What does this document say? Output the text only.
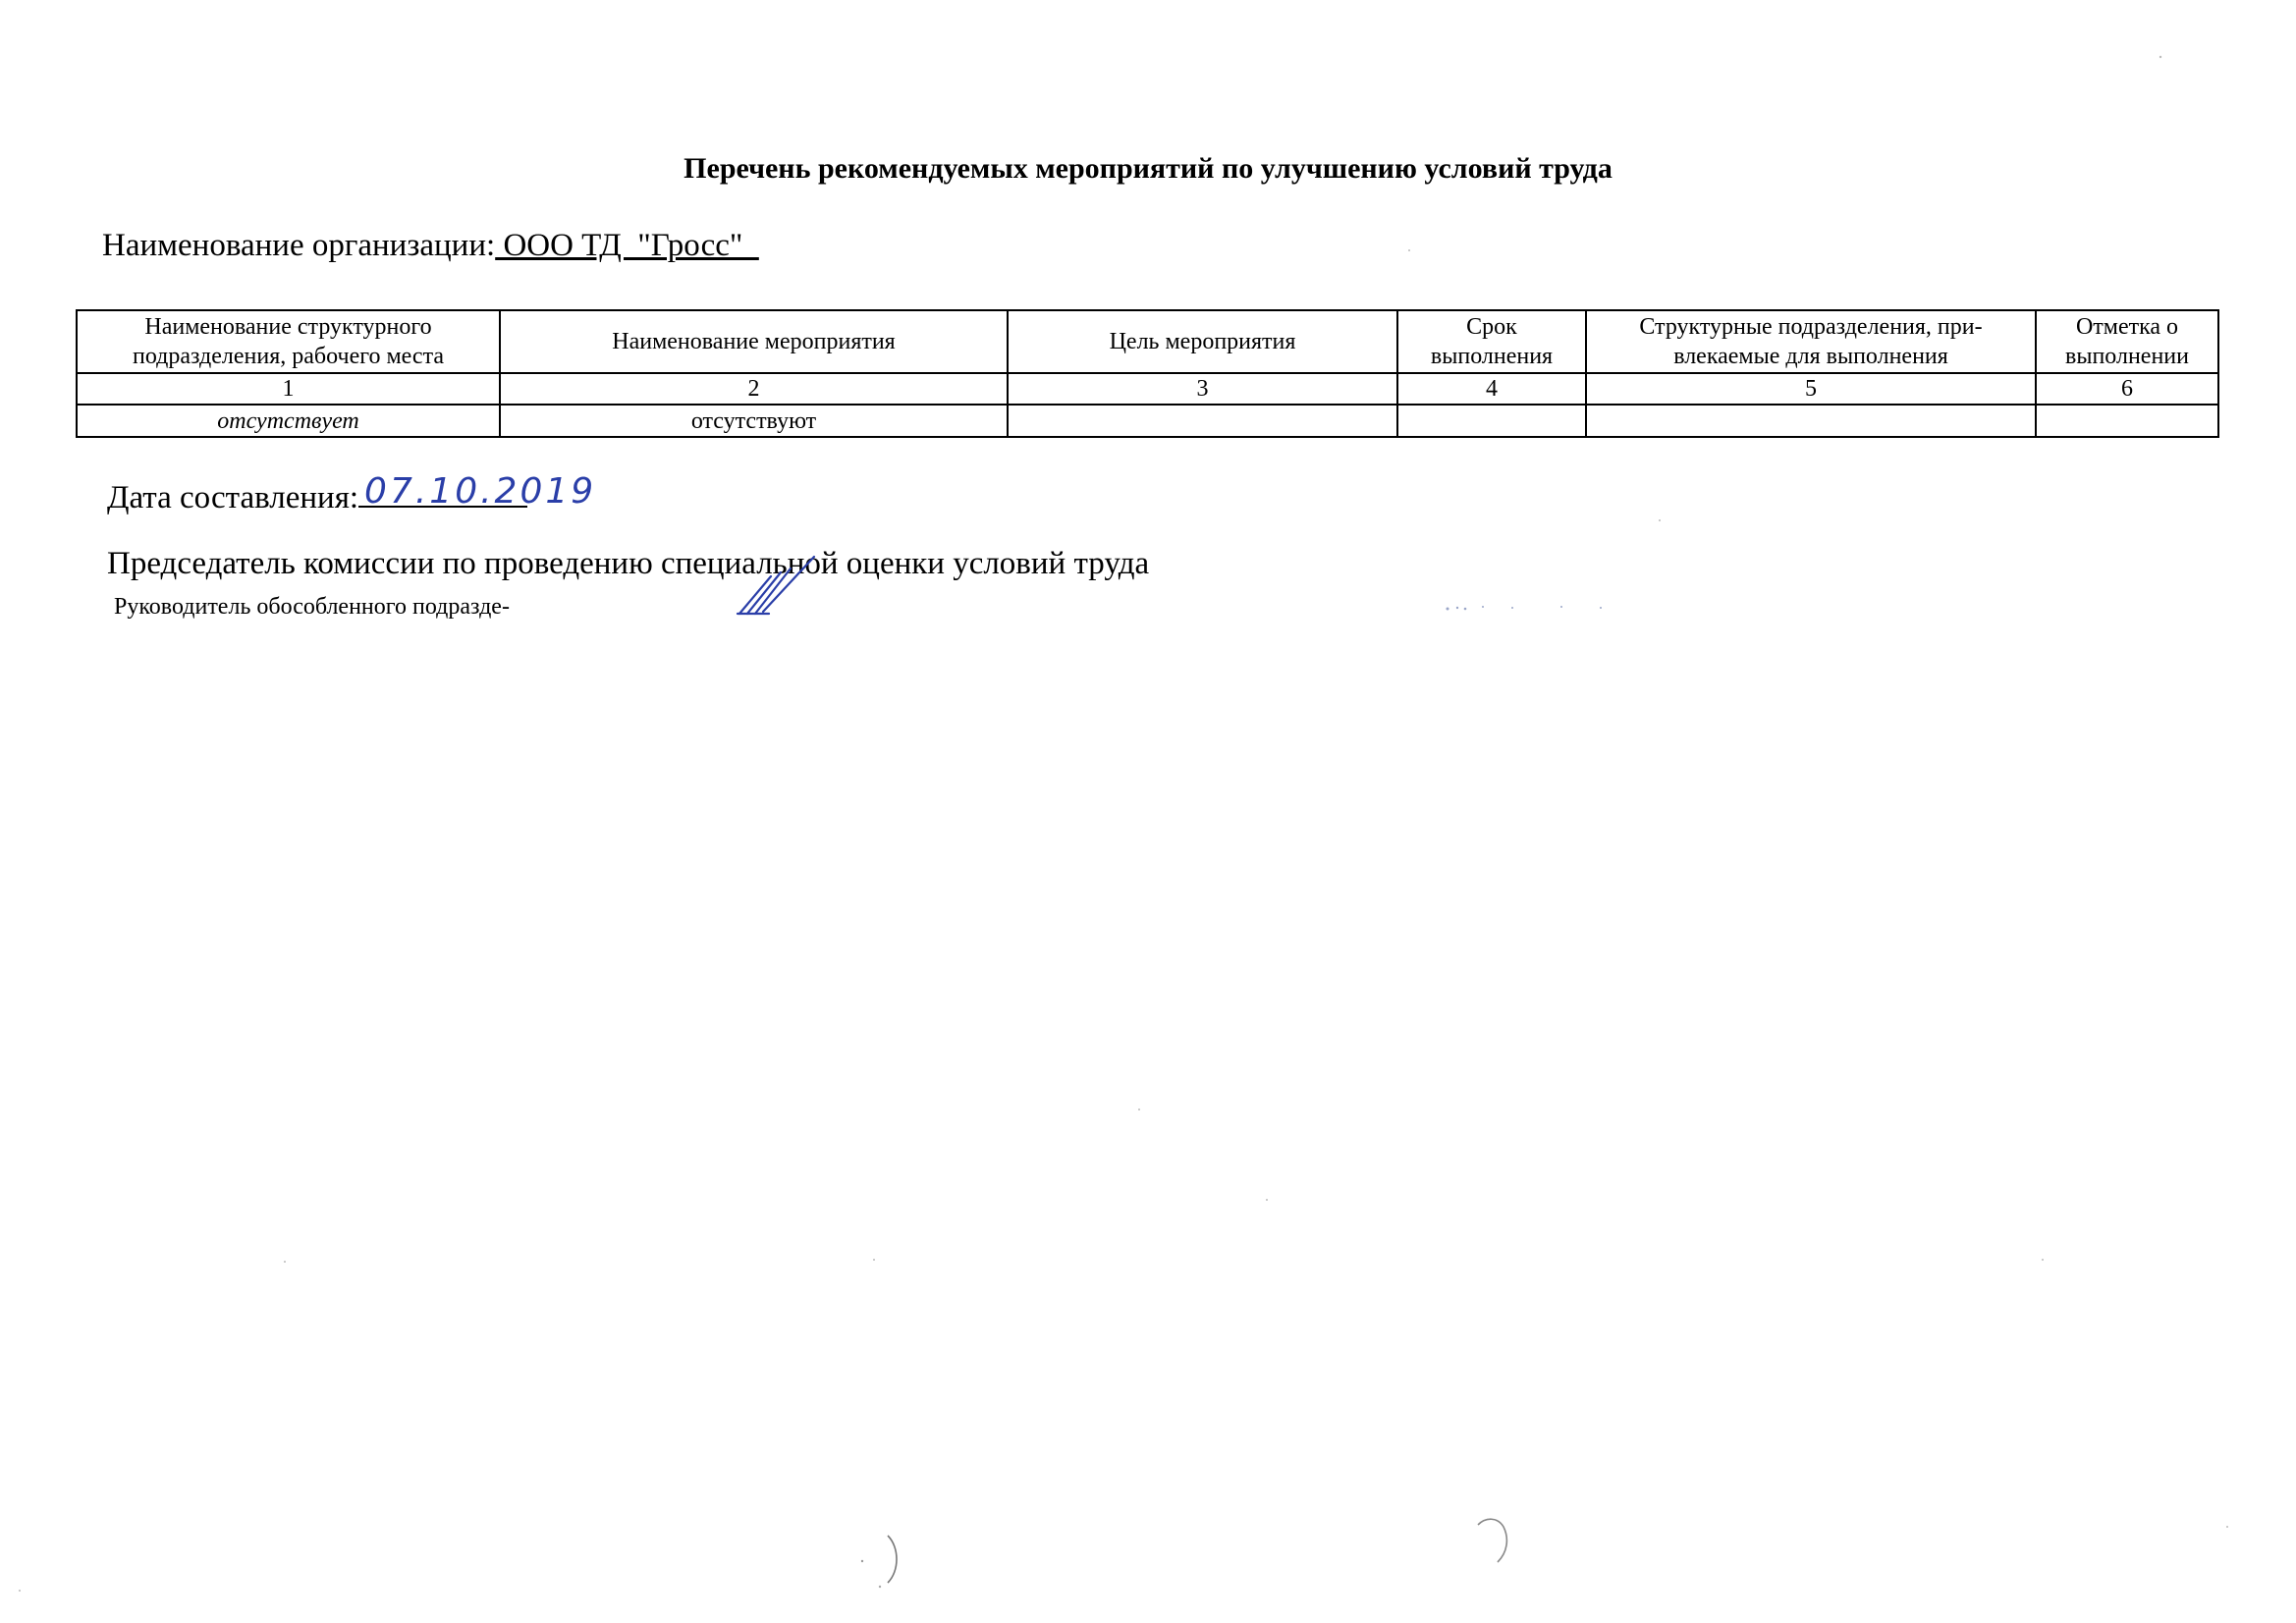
Перечень рекомендуемых мероприятий по улучшению условий труда
Наименование организации: ООО ТД  "Гросс"
Наименование структурного подразделения, рабочего места	Наименование мероприятия	Цель мероприятия	Срок выполнения	Структурные подразделения, при-влекаемые для выполнения	Отметка о выполнении
1	2	3	4	5	6
отсутствует	отсутствуют				
Дата составления: 07.10.2019
Председатель комиссии по проведению специальной оценки условий труда
Руководитель обособленного подразде-
